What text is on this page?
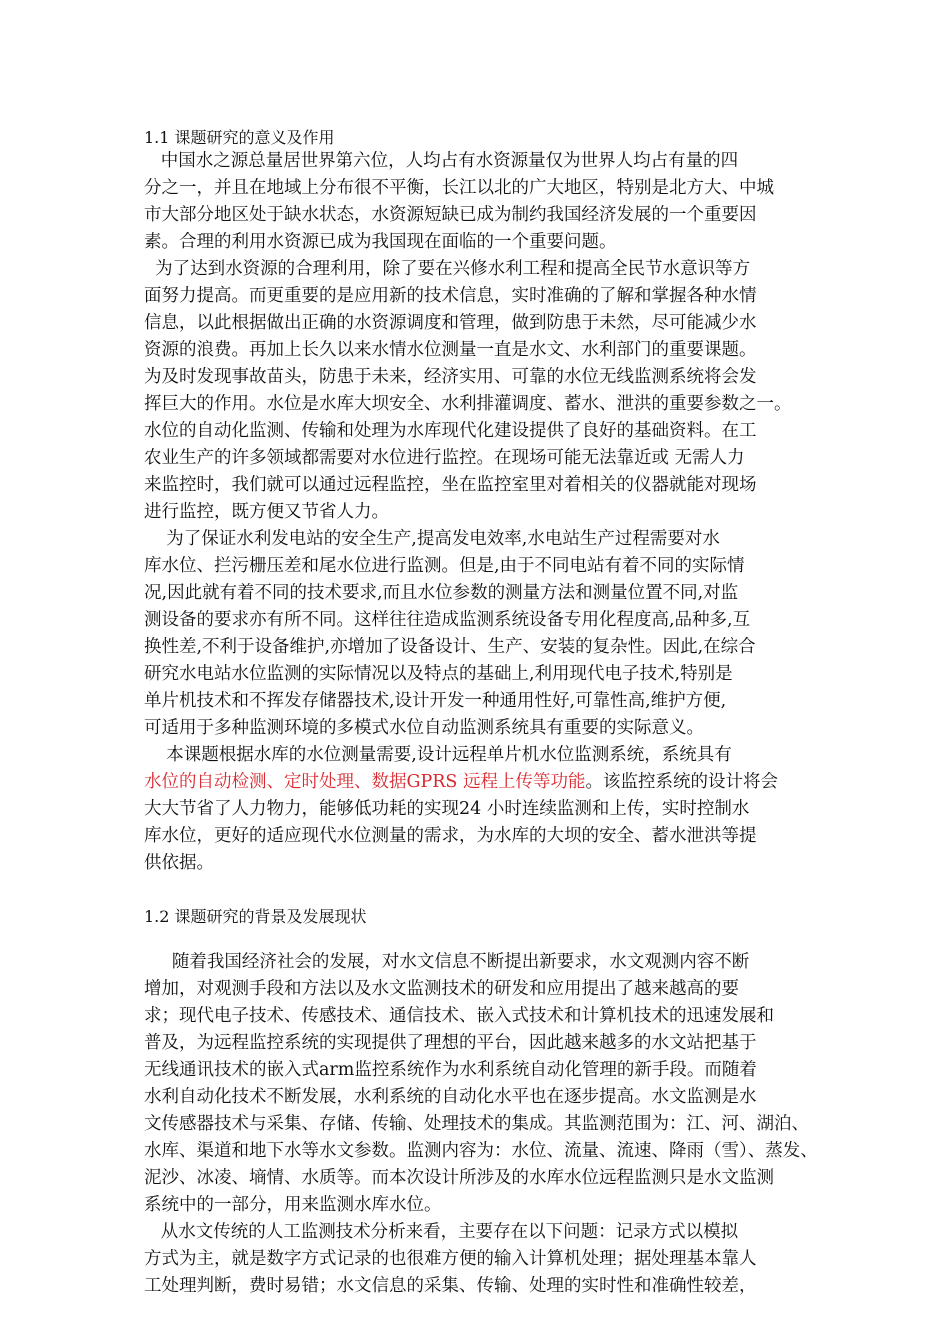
1.1 课题研究的意义及作用

中国水之源总量居世界第六位，人均占有水资源量仅为世界人均占有量的四

分之一，并且在地域上分布很不平衡，长江以北的广大地区，特别是北方大、中城

市大部分地区处于缺水状态，水资源短缺已成为制约我国经济发展的一个重要因

素。合理的利用水资源已成为我国现在面临的一个重要问题。

为了达到水资源的合理利用，除了要在兴修水利工程和提高全民节水意识等方

面努力提高。而更重要的是应用新的技术信息，实时准确的了解和掌握各种水情

信息，以此根据做出正确的水资源调度和管理，做到防患于未然，尽可能减少水

资源的浪费。再加上长久以来水情水位测量一直是水文、水利部门的重要课题。

为及时发现事故苗头，防患于未来，经济实用、可靠的水位无线监测系统将会发

挥巨大的作用。水位是水库大坝安全、水利排灌调度、蓄水、泄洪的重要参数之一。

水位的自动化监测、传输和处理为水库现代化建设提供了良好的基础资料。在工

农业生产的许多领域都需要对水位进行监控。在现场可能无法靠近或 无需人力

来监控时，我们就可以通过远程监控，坐在监控室里对着相关的仪器就能对现场

进行监控，既方便又节省人力。

为了保证水利发电站的安全生产,提高发电效率,水电站生产过程需要对水

库水位、拦污栅压差和尾水位进行监测。但是,由于不同电站有着不同的实际情

况,因此就有着不同的技术要求,而且水位参数的测量方法和测量位置不同,对监

测设备的要求亦有所不同。这样往往造成监测系统设备专用化程度高,品种多,互

换性差,不利于设备维护,亦增加了设备设计、生产、安装的复杂性。因此,在综合

研究水电站水位监测的实际情况以及特点的基础上,利用现代电子技术,特别是

单片机技术和不挥发存储器技术,设计开发一种通用性好,可靠性高,维护方便,

可适用于多种监测环境的多模式水位自动监测系统具有重要的实际意义。

本课题根据水库的水位测量需要,设计远程单片机水位监测系统，系统具有

水位的自动检测、定时处理、数据GPRS 远程上传等功能。该监控系统的设计将会

大大节省了人力物力，能够低功耗的实现24 小时连续监测和上传，实时控制水

库水位，更好的适应现代水位测量的需求，为水库的大坝的安全、蓄水泄洪等提

供依据。

1.2 课题研究的背景及发展现状

随着我国经济社会的发展，对水文信息不断提出新要求，水文观测内容不断

增加，对观测手段和方法以及水文监测技术的研发和应用提出了越来越高的要

求；现代电子技术、传感技术、通信技术、嵌入式技术和计算机技术的迅速发展和

普及，为远程监控系统的实现提供了理想的平台，因此越来越多的水文站把基于

无线通讯技术的嵌入式arm监控系统作为水利系统自动化管理的新手段。而随着

水利自动化技术不断发展，水利系统的自动化水平也在逐步提高。水文监测是水

文传感器技术与采集、存储、传输、处理技术的集成。其监测范围为：江、河、湖泊、

水库、渠道和地下水等水文参数。监测内容为：水位、流量、流速、降雨（雪）、蒸发、

泥沙、冰凌、墒情、水质等。而本次设计所涉及的水库水位远程监测只是水文监测

系统中的一部分，用来监测水库水位。

从水文传统的人工监测技术分析来看，主要存在以下问题：记录方式以模拟

方式为主，就是数字方式记录的也很难方便的输入计算机处理；据处理基本靠人

工处理判断，费时易错；水文信息的采集、传输、处理的实时性和准确性较差，
